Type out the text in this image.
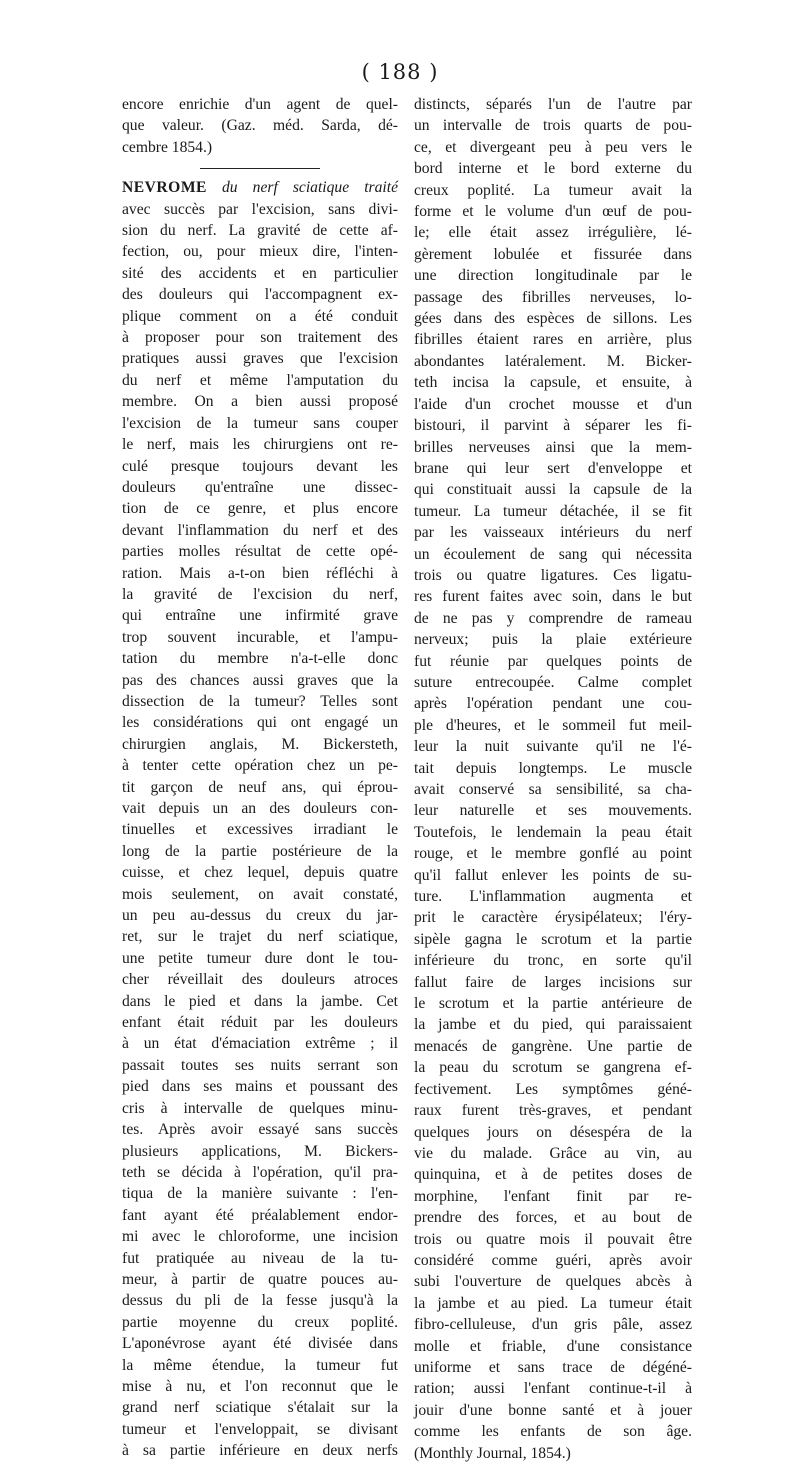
( 188 )
encore enrichie d'un agent de quel-
que valeur. (Gaz. méd. Sarda, dé-
cembre 1854.)
NEVROME du nerf sciatique traité
avec succès par l'excision, sans divi-
sion du nerf. La gravité de cette af-
fection, ou, pour mieux dire, l'inten-
sité des accidents et en particulier
des douleurs qui l'accompagnent ex-
plique comment on a été conduit
à proposer pour son traitement des
pratiques aussi graves que l'excision
du nerf et même l'amputation du
membre. On a bien aussi proposé
l'excision de la tumeur sans couper
le nerf, mais les chirurgiens ont re-
culé presque toujours devant les
douleurs qu'entraîne une dissec-
tion de ce genre, et plus encore
devant l'inflammation du nerf et des
parties molles résultat de cette opé-
ration. Mais a-t-on bien réfléchi à
la gravité de l'excision du nerf,
qui entraîne une infirmité grave
trop souvent incurable, et l'ampu-
tation du membre n'a-t-elle donc
pas des chances aussi graves que la
dissection de la tumeur? Telles sont
les considérations qui ont engagé un
chirurgien anglais, M. Bickersteth,
à tenter cette opération chez un pe-
tit garçon de neuf ans, qui éprou-
vait depuis un an des douleurs con-
tinuelles et excessives irradiant le
long de la partie postérieure de la
cuisse, et chez lequel, depuis quatre
mois seulement, on avait constaté,
un peu au-dessus du creux du jar-
ret, sur le trajet du nerf sciatique,
une petite tumeur dure dont le tou-
cher réveillait des douleurs atroces
dans le pied et dans la jambe. Cet
enfant était réduit par les douleurs
à un état d'émaciation extrême ; il
passait toutes ses nuits serrant son
pied dans ses mains et poussant des
cris à intervalle de quelques minu-
tes. Après avoir essayé sans succès
plusieurs applications, M. Bickers-
teth se décida à l'opération, qu'il pra-
tiqua de la manière suivante : l'en-
fant ayant été préalablement endor-
mi avec le chloroforme, une incision
fut pratiquée au niveau de la tu-
meur, à partir de quatre pouces au-
dessus du pli de la fesse jusqu'à la
partie moyenne du creux poplité.
L'aponévrose ayant été divisée dans
la même étendue, la tumeur fut
mise à nu, et l'on reconnut que le
grand nerf sciatique s'étalait sur la
tumeur et l'enveloppait, se divisant
à sa partie inférieure en deux nerfs
distincts, séparés l'un de l'autre par
un intervalle de trois quarts de pou-
ce, et divergeant peu à peu vers le
bord interne et le bord externe du
creux poplité. La tumeur avait la
forme et le volume d'un œuf de pou-
le; elle était assez irrégulière, lé-
gèrement lobulée et fissurée dans
une direction longitudinale par le
passage des fibrilles nerveuses, lo-
gées dans des espèces de sillons. Les
fibrilles étaient rares en arrière, plus
abondantes latéralement. M. Bicker-
teth incisa la capsule, et ensuite, à
l'aide d'un crochet mousse et d'un
bistouri, il parvint à séparer les fi-
brilles nerveuses ainsi que la mem-
brane qui leur sert d'enveloppe et
qui constituait aussi la capsule de la
tumeur. La tumeur détachée, il se fit
par les vaisseaux intérieurs du nerf
un écoulement de sang qui nécessita
trois ou quatre ligatures. Ces ligatu-
res furent faites avec soin, dans le but
de ne pas y comprendre de rameau
nerveux; puis la plaie extérieure
fut réunie par quelques points de
suture entrecoupée. Calme complet
après l'opération pendant une cou-
ple d'heures, et le sommeil fut meil-
leur la nuit suivante qu'il ne l'é-
tait depuis longtemps. Le muscle
avait conservé sa sensibilité, sa cha-
leur naturelle et ses mouvements.
Toutefois, le lendemain la peau était
rouge, et le membre gonflé au point
qu'il fallut enlever les points de su-
ture. L'inflammation augmenta et
prit le caractère érysipélateux; l'éry-
sipèle gagna le scrotum et la partie
inférieure du tronc, en sorte qu'il
fallut faire de larges incisions sur
le scrotum et la partie antérieure de
la jambe et du pied, qui paraissaient
menacés de gangrène. Une partie de
la peau du scrotum se gangrena ef-
fectivement. Les symptômes géné-
raux furent très-graves, et pendant
quelques jours on désespéra de la
vie du malade. Grâce au vin, au
quinquina, et à de petites doses de
morphine, l'enfant finit par re-
prendre des forces, et au bout de
trois ou quatre mois il pouvait être
considéré comme guéri, après avoir
subi l'ouverture de quelques abcès à
la jambe et au pied. La tumeur était
fibro-celluleuse, d'un gris pâle, assez
molle et friable, d'une consistance
uniforme et sans trace de dégéné-
ration; aussi l'enfant continue-t-il à
jouir d'une bonne santé et à jouer
comme les enfants de son âge.
(Monthly Journal, 1854.)
